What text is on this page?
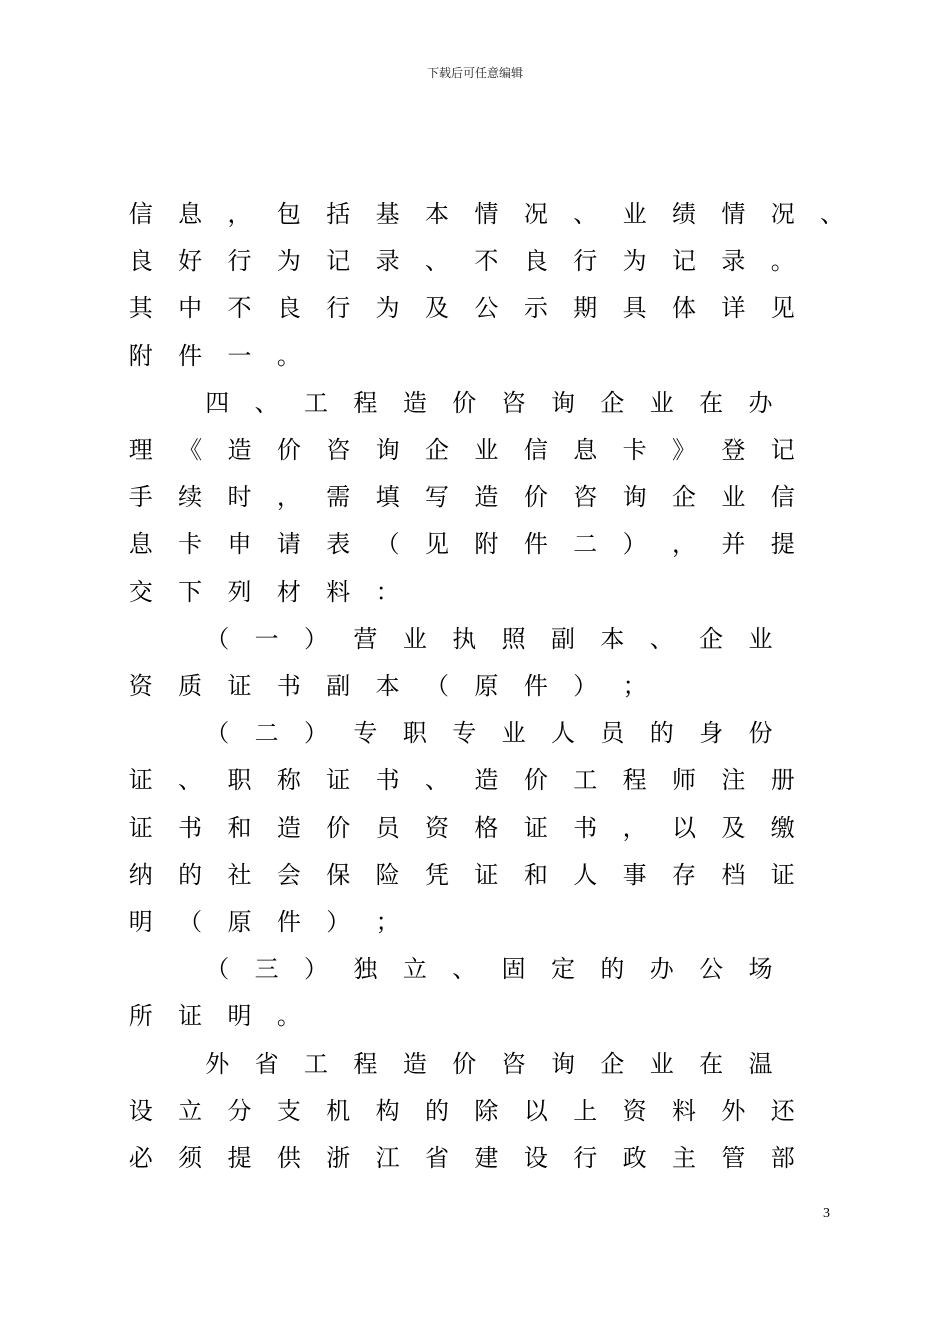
下载后可任意编辑
信	息	，	包	括	基	本	情	况	、	业	绩	情	况	、
良	好	行	为	记	录	、	不	良	行	为	记	录	。
其	中	不	良	行	为	及	公	示	期	具	体	详	见
附	件	一	。
四	、	工	程	造	价	咨	询	企	业	在	办
理	《	造	价	咨	询	企	业	信	息	卡	》	登	记
手	续	时	，	需	填	写	造	价	咨	询	企	业	信
息	卡	申	请	表	（	见	附	件	二	）	，	并	提
交	下	列	材	料	：
（	一	）	营	业	执	照	副	本	、	企	业
资	质	证	书	副	本	（	原	件	）	；
（	二	）	专	职	专	业	人	员	的	身	份
证	、	职	称	证	书	、	造	价	工	程	师	注	册
证	书	和	造	价	员	资	格	证	书	，	以	及	缴
纳	的	社	会	保	险	凭	证	和	人	事	存	档	证
明	（	原	件	）	；
（	三	）	独	立	、	固	定	的	办	公	场
所	证	明	。
外	省	工	程	造	价	咨	询	企	业	在	温
设	立	分	支	机	构	的	除	以	上	资	料	外	还
必	须	提	供	浙	江	省	建	设	行	政	主	管	部
3
